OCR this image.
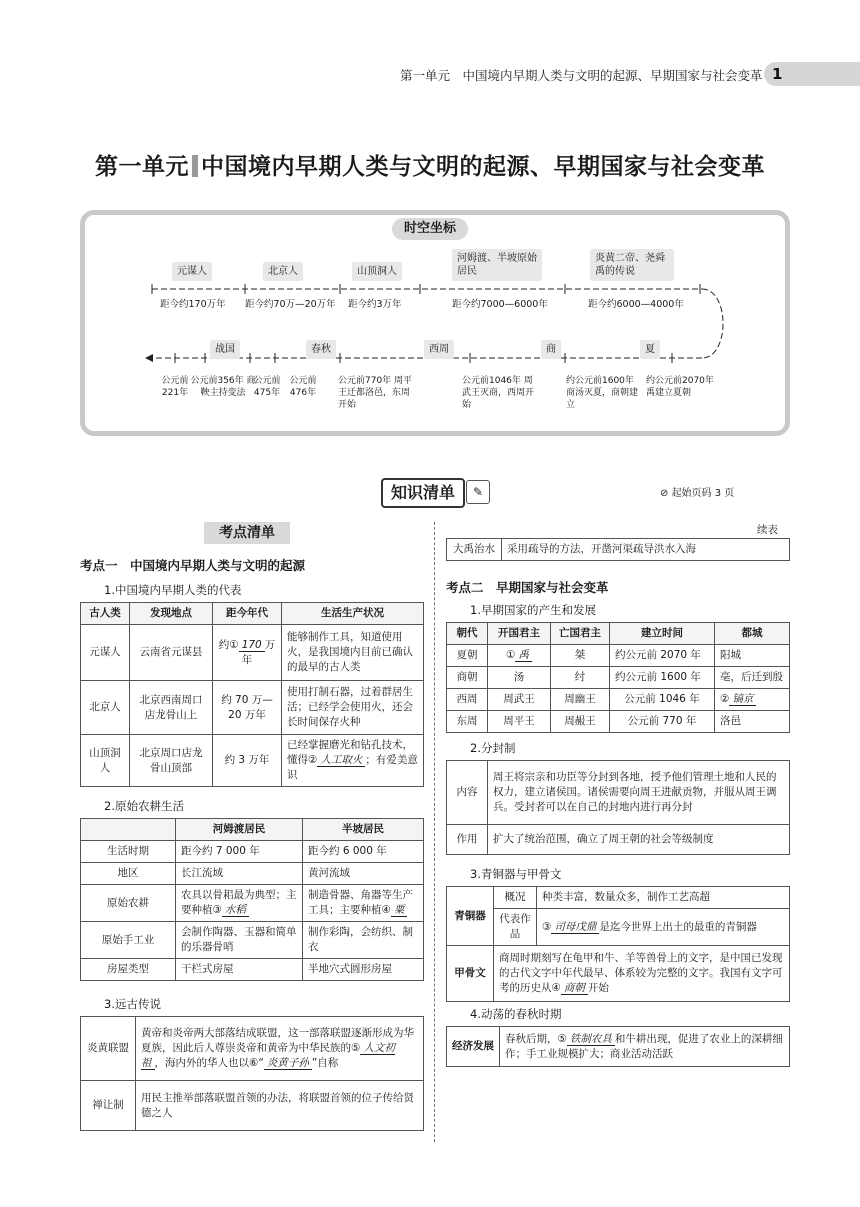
第一单元　中国境内早期人类与文明的起源、早期国家与社会变革 1
第一单元 中国境内早期人类与文明的起源、早期国家与社会变革
时空坐标
元谋人	北京人	山顶洞人
河姆渡、半坡原始居民
炎黄二帝、尧舜禹的传说
距今约170万年 距今约70万—20万年 距今约3万年	距今约7000—6000年	距今约6000—4000年
战国	春秋	西周	商	夏
公元前221年
公元前356年 商鞅主持变法
公元前475年
公元前476年
公元前770年 周平王迁都洛邑，东周开始
公元前1046年 周武王灭商，西周开始
约公元前1600年 商汤灭夏，商朝建立
约公元前2070年 禹建立夏朝
知识清单	✎	⊘ 起始页码 3 页
考点清单
考点一　中国境内早期人类与文明的起源
1.中国境内早期人类的代表
古人类	发现地点	距今年代	生活生产状况
元谋人	云南省元谋县	约① 170 万年	能够制作工具，知道使用火，是我国境内目前已确认的最早的古人类
北京人	北京西南周口店龙骨山上	约 70 万—20 万年	使用打制石器，过着群居生活；已经学会使用火，还会长时间保存火种
山顶洞人	北京周口店龙骨山顶部	约 3 万年	已经掌握磨光和钻孔技术，懂得② 人工取火 ；有爱美意识
2.原始农耕生活
	河姆渡居民	半坡居民
生活时期	距今约 7 000 年	距今约 6 000 年
地区	长江流域	黄河流域
原始农耕	农具以骨耜最为典型；主要种植③ 水稻	制造骨器、角器等生产工具；主要种植④ 粟
原始手工业	会制作陶器、玉器和简单的乐器骨哨	制作彩陶，会纺织、制衣
房屋类型	干栏式房屋	半地穴式圆形房屋
3.远古传说
炎黄联盟	黄帝和炎帝两大部落结成联盟，这一部落联盟逐渐形成为华夏族，因此后人尊崇炎帝和黄帝为中华民族的⑤ 人文初祖 ，海内外的华人也以⑥“ 炎黄子孙 ”自称
禅让制	用民主推举部落联盟首领的办法，将联盟首领的位子传给贤德之人
续表
大禹治水	采用疏导的方法，开凿河渠疏导洪水入海
考点二　早期国家与社会变革
1.早期国家的产生和发展
朝代	开国君主	亡国君主	建立时间	都城
夏朝	① 禹	桀	约公元前 2070 年	阳城
商朝	汤	纣	约公元前 1600 年	亳，后迁到殷
西周	周武王	周幽王	公元前 1046 年	② 镐京
东周	周平王	周赧王	公元前 770 年	洛邑
2.分封制
内容	周王将宗亲和功臣等分封到各地，授予他们管理土地和人民的权力，建立诸侯国。诸侯需要向周王进献贡物，并服从周王调兵。受封者可以在自己的封地内进行再分封
作用	扩大了统治范围，确立了周王朝的社会等级制度
3.青铜器与甲骨文
青铜器	概况	种类丰富，数量众多，制作工艺高超
	代表作品	③ 司母戊鼎 是迄今世界上出土的最重的青铜器
甲骨文	商周时期刻写在龟甲和牛、羊等兽骨上的文字，是中国已发现的古代文字中年代最早、体系较为完整的文字。我国有文字可考的历史从④ 商朝 开始	
4.动荡的春秋时期
经济发展	春秋后期，⑤ 铁制农具 和牛耕出现，促进了农业上的深耕细作；手工业规模扩大；商业活动活跃
